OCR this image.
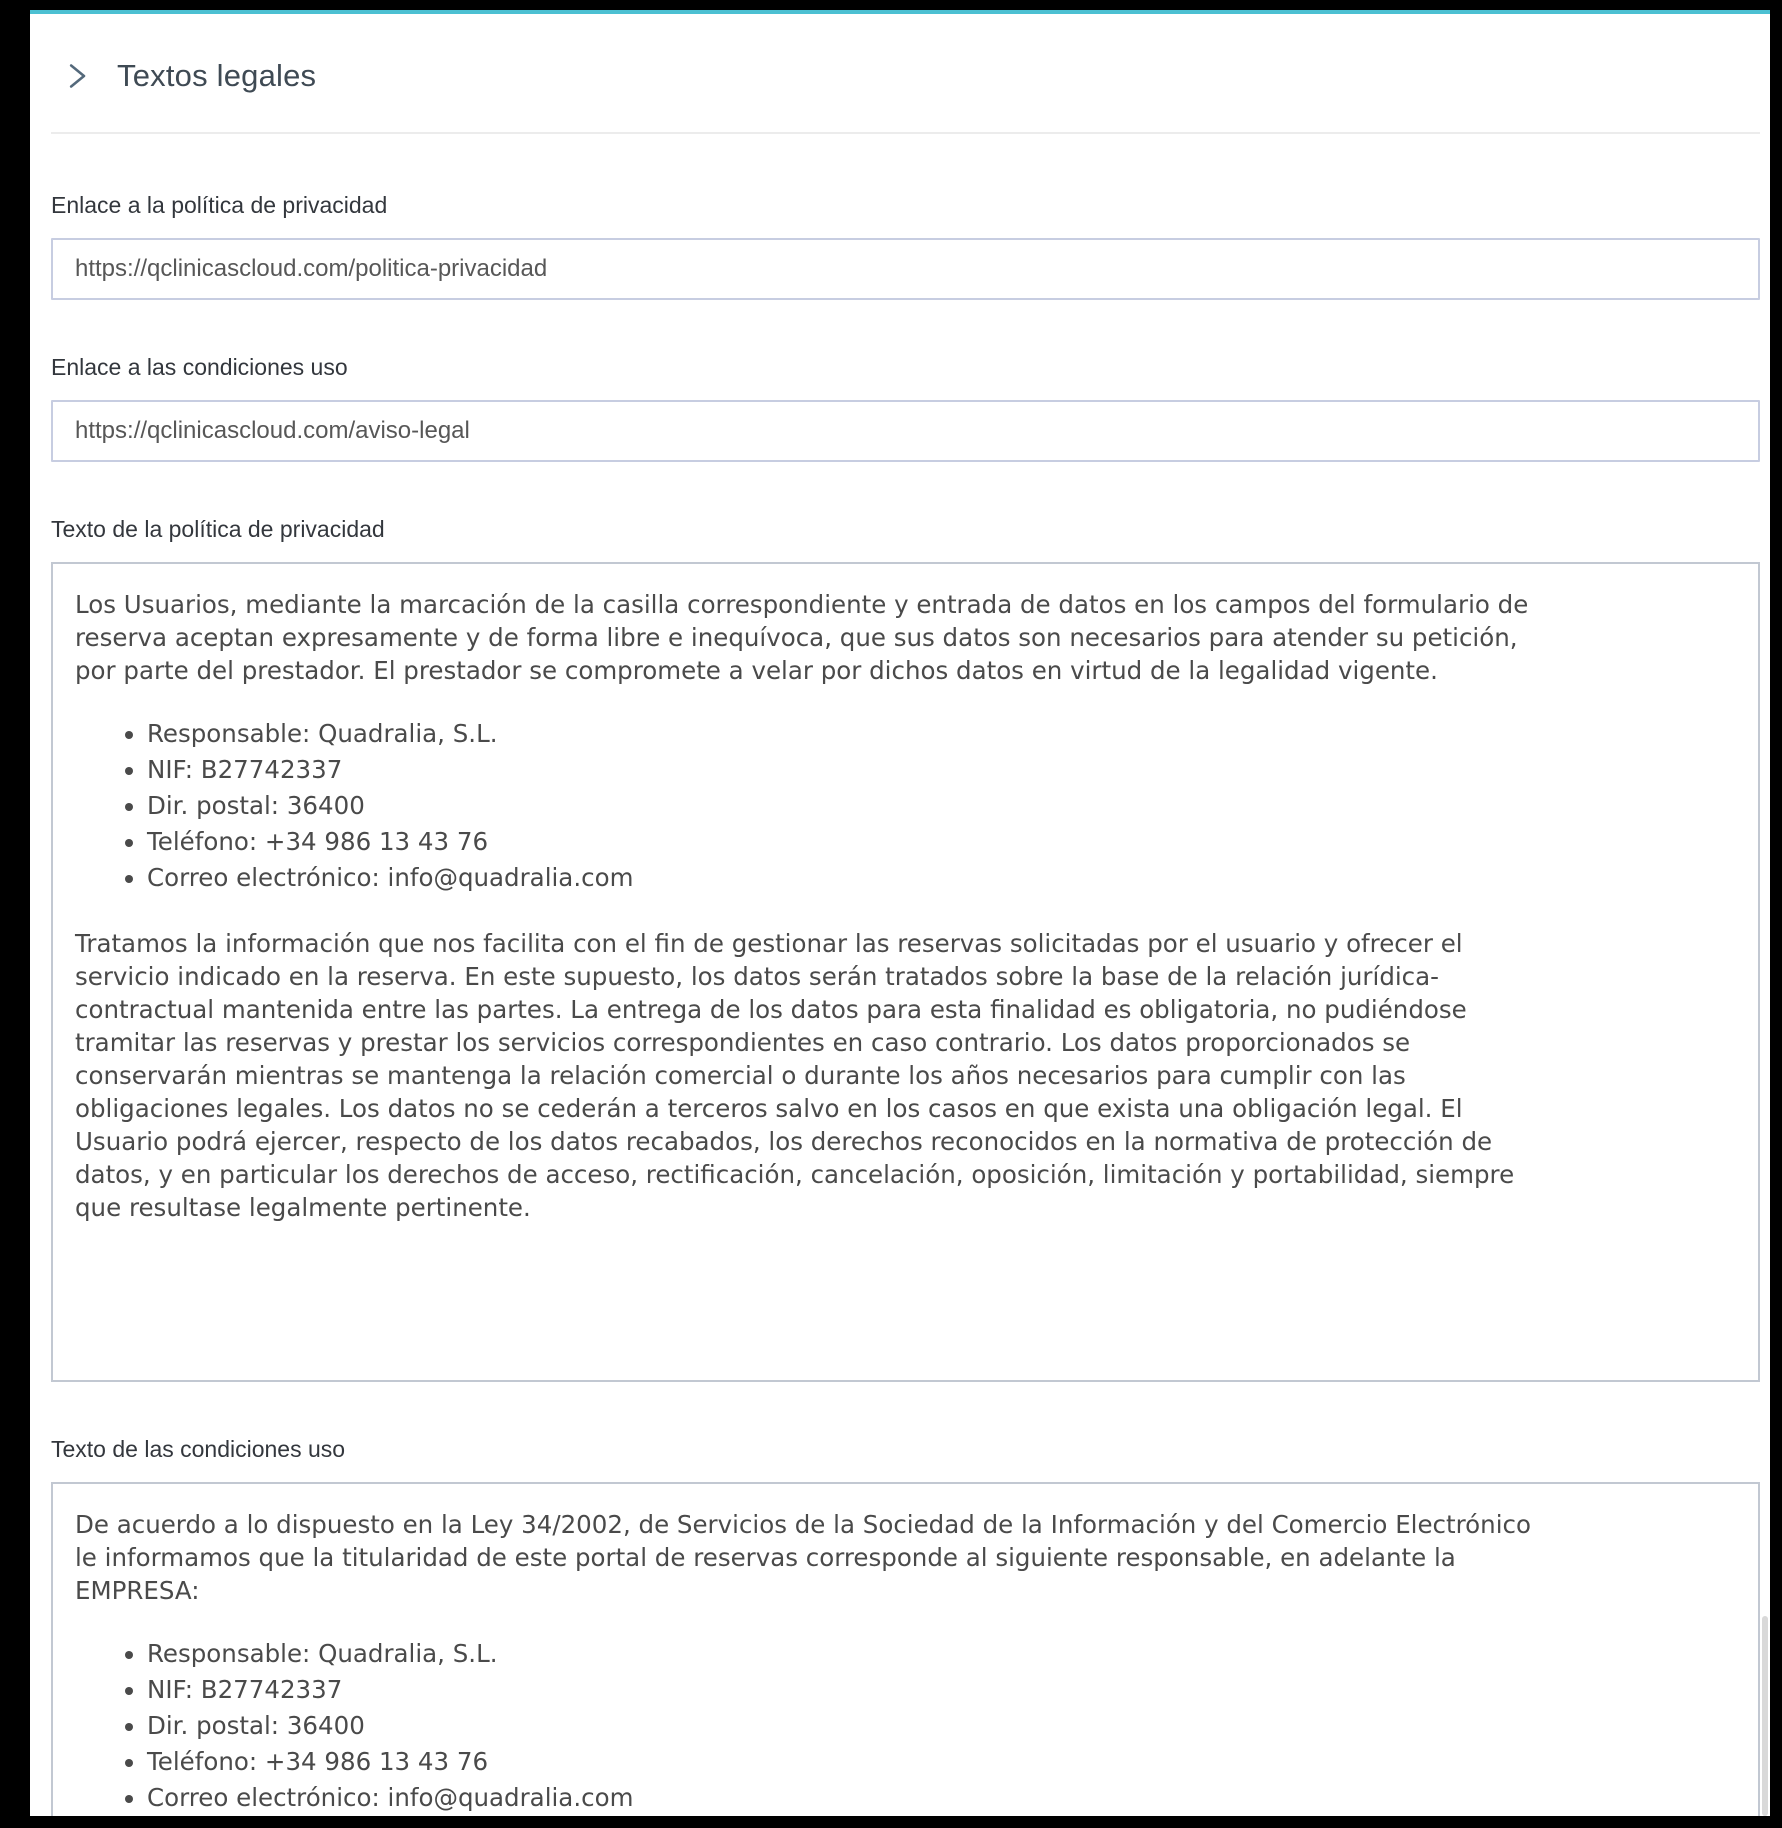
Textos legales
Enlace a la política de privacidad
https://qclinicascloud.com/politica-privacidad
Enlace a las condiciones uso
https://qclinicascloud.com/aviso-legal
Texto de la política de privacidad

Los Usuarios, mediante la marcación de la casilla correspondiente y entrada de datos en los campos del formulario de reserva aceptan expresamente y de forma libre e inequívoca, que sus datos son necesarios para atender su petición, por parte del prestador. El prestador se compromete a velar por dichos datos en virtud de la legalidad vigente.

• Responsable: Quadralia, S.L.
• NIF: B27742337
• Dir. postal: 36400
• Teléfono: +34 986 13 43 76
• Correo electrónico: info@quadralia.com

Tratamos la información que nos facilita con el fin de gestionar las reservas solicitadas por el usuario y ofrecer el servicio indicado en la reserva. En este supuesto, los datos serán tratados sobre la base de la relación jurídica-contractual mantenida entre las partes. La entrega de los datos para esta finalidad es obligatoria, no pudiéndose tramitar las reservas y prestar los servicios correspondientes en caso contrario. Los datos proporcionados se conservarán mientras se mantenga la relación comercial o durante los años necesarios para cumplir con las obligaciones legales. Los datos no se cederán a terceros salvo en los casos en que exista una obligación legal. El Usuario podrá ejercer, respecto de los datos recabados, los derechos reconocidos en la normativa de protección de datos, y en particular los derechos de acceso, rectificación, cancelación, oposición, limitación y portabilidad, siempre que resultase legalmente pertinente.

Texto de las condiciones uso

De acuerdo a lo dispuesto en la Ley 34/2002, de Servicios de la Sociedad de la Información y del Comercio Electrónico le informamos que la titularidad de este portal de reservas corresponde al siguiente responsable, en adelante la EMPRESA:

• Responsable: Quadralia, S.L.
• NIF: B27742337
• Dir. postal: 36400
• Teléfono: +34 986 13 43 76
• Correo electrónico: info@quadralia.com
